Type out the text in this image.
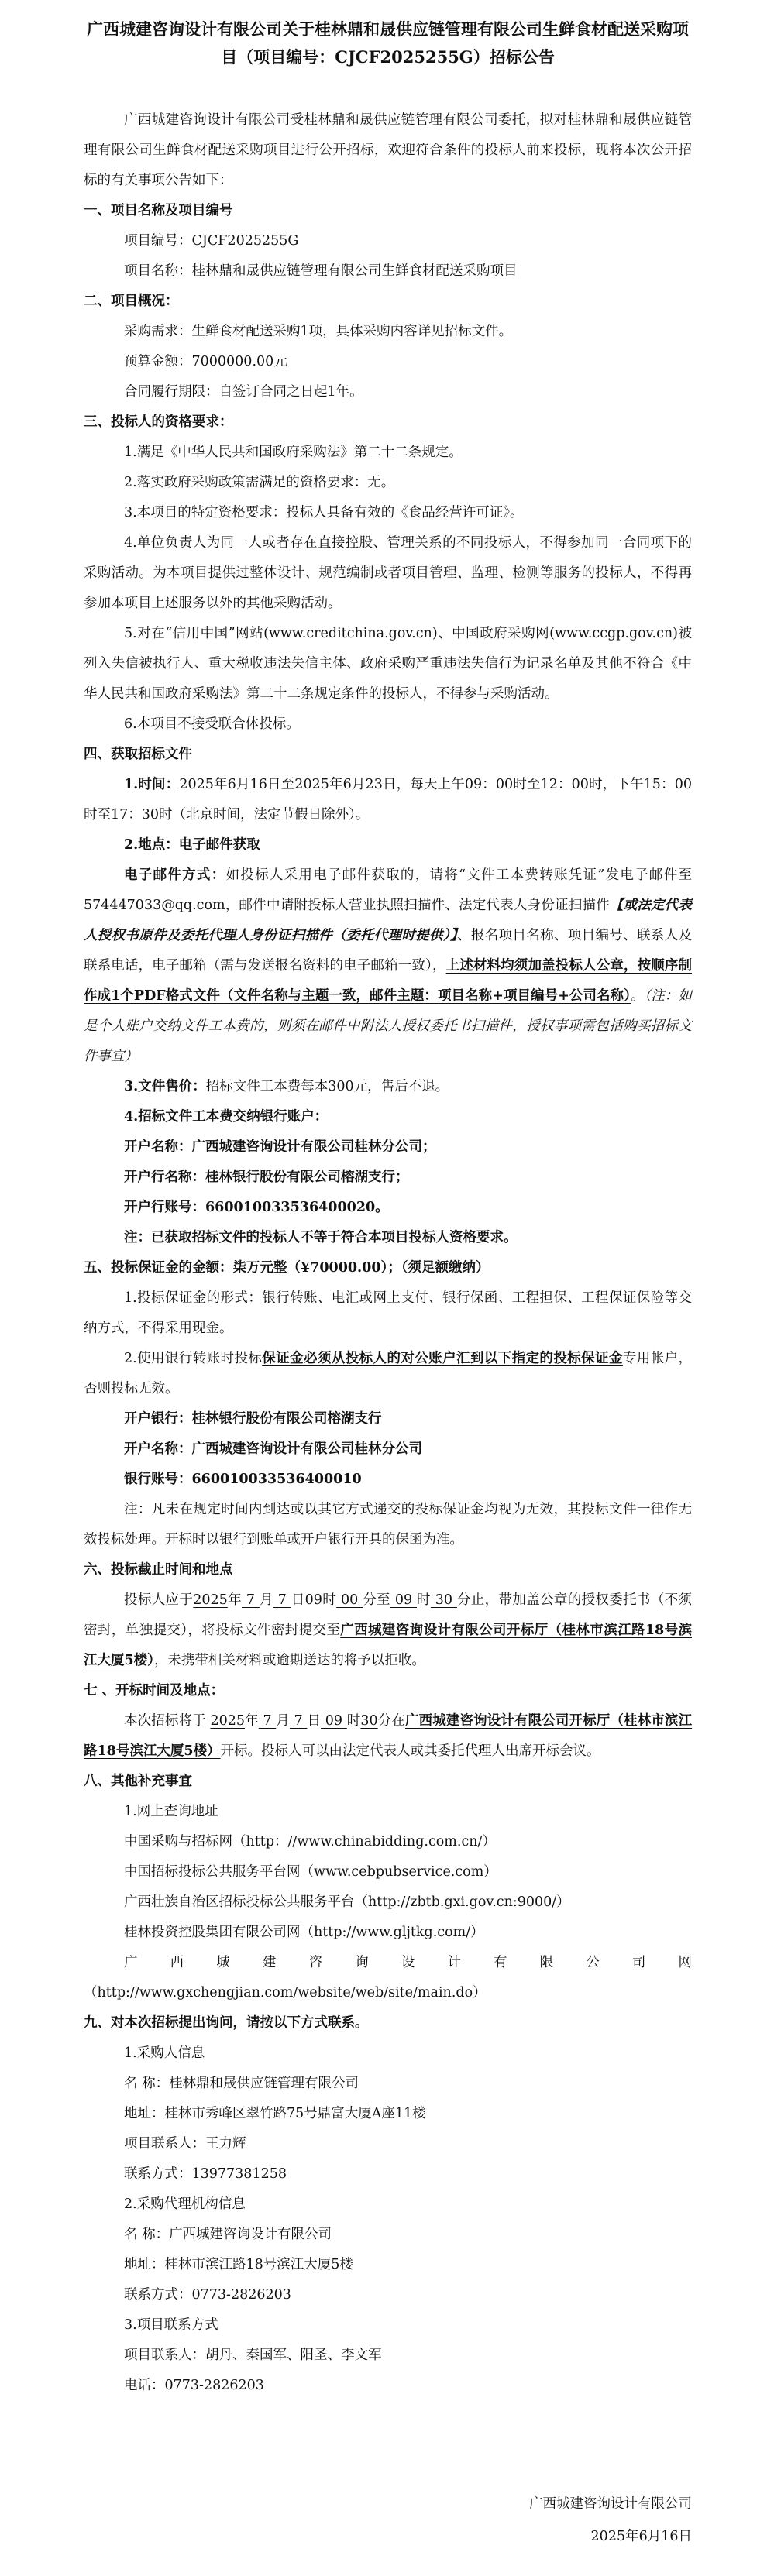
广西城建咨询设计有限公司关于桂林鼎和晟供应链管理有限公司生鲜食材配送采购项目（项目编号：CJCF2025255G）招标公告

广西城建咨询设计有限公司受桂林鼎和晟供应链管理有限公司委托，拟对桂林鼎和晟供应链管理有限公司生鲜食材配送采购项目进行公开招标，欢迎符合条件的投标人前来投标，现将本次公开招标的有关事项公告如下：

一、项目名称及项目编号

项目编号：CJCF2025255G

项目名称：桂林鼎和晟供应链管理有限公司生鲜食材配送采购项目

二、项目概况：

采购需求：生鲜食材配送采购1项，具体采购内容详见招标文件。

预算金额：7000000.00元

合同履行期限：自签订合同之日起1年。

三、投标人的资格要求：

1.满足《中华人民共和国政府采购法》第二十二条规定。

2.落实政府采购政策需满足的资格要求：无。

3.本项目的特定资格要求：投标人具备有效的《食品经营许可证》。

4.单位负责人为同一人或者存在直接控股、管理关系的不同投标人，不得参加同一合同项下的采购活动。为本项目提供过整体设计、规范编制或者项目管理、监理、检测等服务的投标人，不得再参加本项目上述服务以外的其他采购活动。

5.对在“信用中国”网站(www.creditchina.gov.cn)、中国政府采购网(www.ccgp.gov.cn)被列入失信被执行人、重大税收违法失信主体、政府采购严重违法失信行为记录名单及其他不符合《中华人民共和国政府采购法》第二十二条规定条件的投标人，不得参与采购活动。

6.本项目不接受联合体投标。

四、获取招标文件

1.时间：2025年6月16日至2025年6月23日，每天上午09：00时至12：00时，下午15：00时至17：30时（北京时间，法定节假日除外）。

2.地点：电子邮件获取

电子邮件方式：如投标人采用电子邮件获取的，请将“文件工本费转账凭证”发电子邮件至574447033@qq.com，邮件中请附投标人营业执照扫描件、法定代表人身份证扫描件【或法定代表人授权书原件及委托代理人身份证扫描件（委托代理时提供）】、报名项目名称、项目编号、联系人及联系电话，电子邮箱（需与发送报名资料的电子邮箱一致），上述材料均须加盖投标人公章，按顺序制作成1个PDF格式文件（文件名称与主题一致，邮件主题：项目名称+项目编号+公司名称）。（注：如是个人账户交纳文件工本费的，则须在邮件中附法人授权委托书扫描件，授权事项需包括购买招标文件事宜）

3.文件售价：招标文件工本费每本300元，售后不退。

4.招标文件工本费交纳银行账户：

开户名称：广西城建咨询设计有限公司桂林分公司；

开户行名称：桂林银行股份有限公司榕湖支行；

开户行账号：660010033536400020。

注：已获取招标文件的投标人不等于符合本项目投标人资格要求。

五、投标保证金的金额：柒万元整（¥70000.00）；（须足额缴纳）

1.投标保证金的形式：银行转账、电汇或网上支付、银行保函、工程担保、工程保证保险等交纳方式，不得采用现金。

2.使用银行转账时投标保证金必须从投标人的对公账户汇到以下指定的投标保证金专用帐户，否则投标无效。

开户银行：桂林银行股份有限公司榕湖支行

开户名称：广西城建咨询设计有限公司桂林分公司

银行账号：660010033536400010

注：凡未在规定时间内到达或以其它方式递交的投标保证金均视为无效，其投标文件一律作无效投标处理。开标时以银行到账单或开户银行开具的保函为准。

六、投标截止时间和地点

投标人应于2025年 7 月 7 日09时 00 分至 09 时 30 分止，带加盖公章的授权委托书（不须密封，单独提交），将投标文件密封提交至广西城建咨询设计有限公司开标厅（桂林市滨江路18号滨江大厦5楼），未携带相关材料或逾期送达的将予以拒收。

七 、开标时间及地点：

本次招标将于 2025年 7 月 7 日 09 时30分在广西城建咨询设计有限公司开标厅（桂林市滨江路18号滨江大厦5楼）开标。投标人可以由法定代表人或其委托代理人出席开标会议。

八、其他补充事宜

1.网上查询地址

中国采购与招标网（http：//www.chinabidding.com.cn/）

中国招标投标公共服务平台网（www.cebpubservice.com）

广西壮族自治区招标投标公共服务平台（http://zbtb.gxi.gov.cn:9000/）

桂林投资控股集团有限公司网（http://www.gljtkg.com/）

广西城建咨询设计有限公司网（http://www.gxchengjian.com/website/web/site/main.do）

九、对本次招标提出询问，请按以下方式联系。

1.采购人信息

名 称：桂林鼎和晟供应链管理有限公司

地址：桂林市秀峰区翠竹路75号鼎富大厦A座11楼

项目联系人：王力辉

联系方式：13977381258

2.采购代理机构信息

名 称：广西城建咨询设计有限公司

地址：桂林市滨江路18号滨江大厦5楼

联系方式：0773-2826203

3.项目联系方式

项目联系人：胡丹、秦国军、阳圣、李文军

电话：0773-2826203

广西城建咨询设计有限公司

2025年6月16日
